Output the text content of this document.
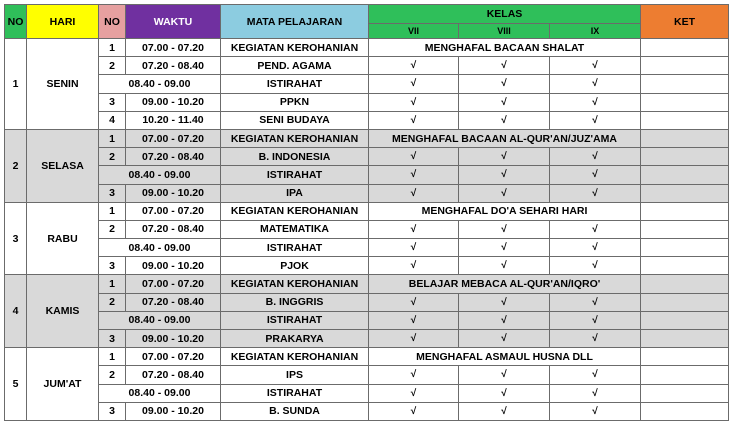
NO	HARI	NO	WAKTU	MATA PELAJARAN	KELAS			KET
					VII	VIII	IX	
1	SENIN	1	07.00 - 07.20	KEGIATAN KEROHANIAN	MENGHAFAL BACAAN SHALAT			
		2	07.20 - 08.40	PEND. AGAMA	√	√	√	
		08.40 - 09.00		ISTIRAHAT	√	√	√	
		3	09.00 - 10.20	PPKN	√	√	√	
		4	10.20 - 11.40	SENI BUDAYA	√	√	√	
2	SELASA	1	07.00 - 07.20	KEGIATAN KEROHANIAN	MENGHAFAL BACAAN AL-QUR'AN/JUZ'AMA			
		2	07.20 - 08.40	B. INDONESIA	√	√	√	
		08.40 - 09.00		ISTIRAHAT	√	√	√	
		3	09.00 - 10.20	IPA	√	√	√	
3	RABU	1	07.00 - 07.20	KEGIATAN KEROHANIAN	MENGHAFAL DO'A SEHARI HARI			
		2	07.20 - 08.40	MATEMATIKA	√	√	√	
		08.40 - 09.00		ISTIRAHAT	√	√	√	
		3	09.00 - 10.20	PJOK	√	√	√	
4	KAMIS	1	07.00 - 07.20	KEGIATAN KEROHANIAN	BELAJAR MEBACA AL-QUR'AN/IQRO'			
		2	07.20 - 08.40	B. INGGRIS	√	√	√	
		08.40 - 09.00		ISTIRAHAT	√	√	√	
		3	09.00 - 10.20	PRAKARYA	√	√	√	
5	JUM'AT	1	07.00 - 07.20	KEGIATAN KEROHANIAN	MENGHAFAL ASMAUL HUSNA DLL			
		2	07.20 - 08.40	IPS	√	√	√	
		08.40 - 09.00		ISTIRAHAT	√	√	√	
		3	09.00 - 10.20	B. SUNDA	√	√	√	
